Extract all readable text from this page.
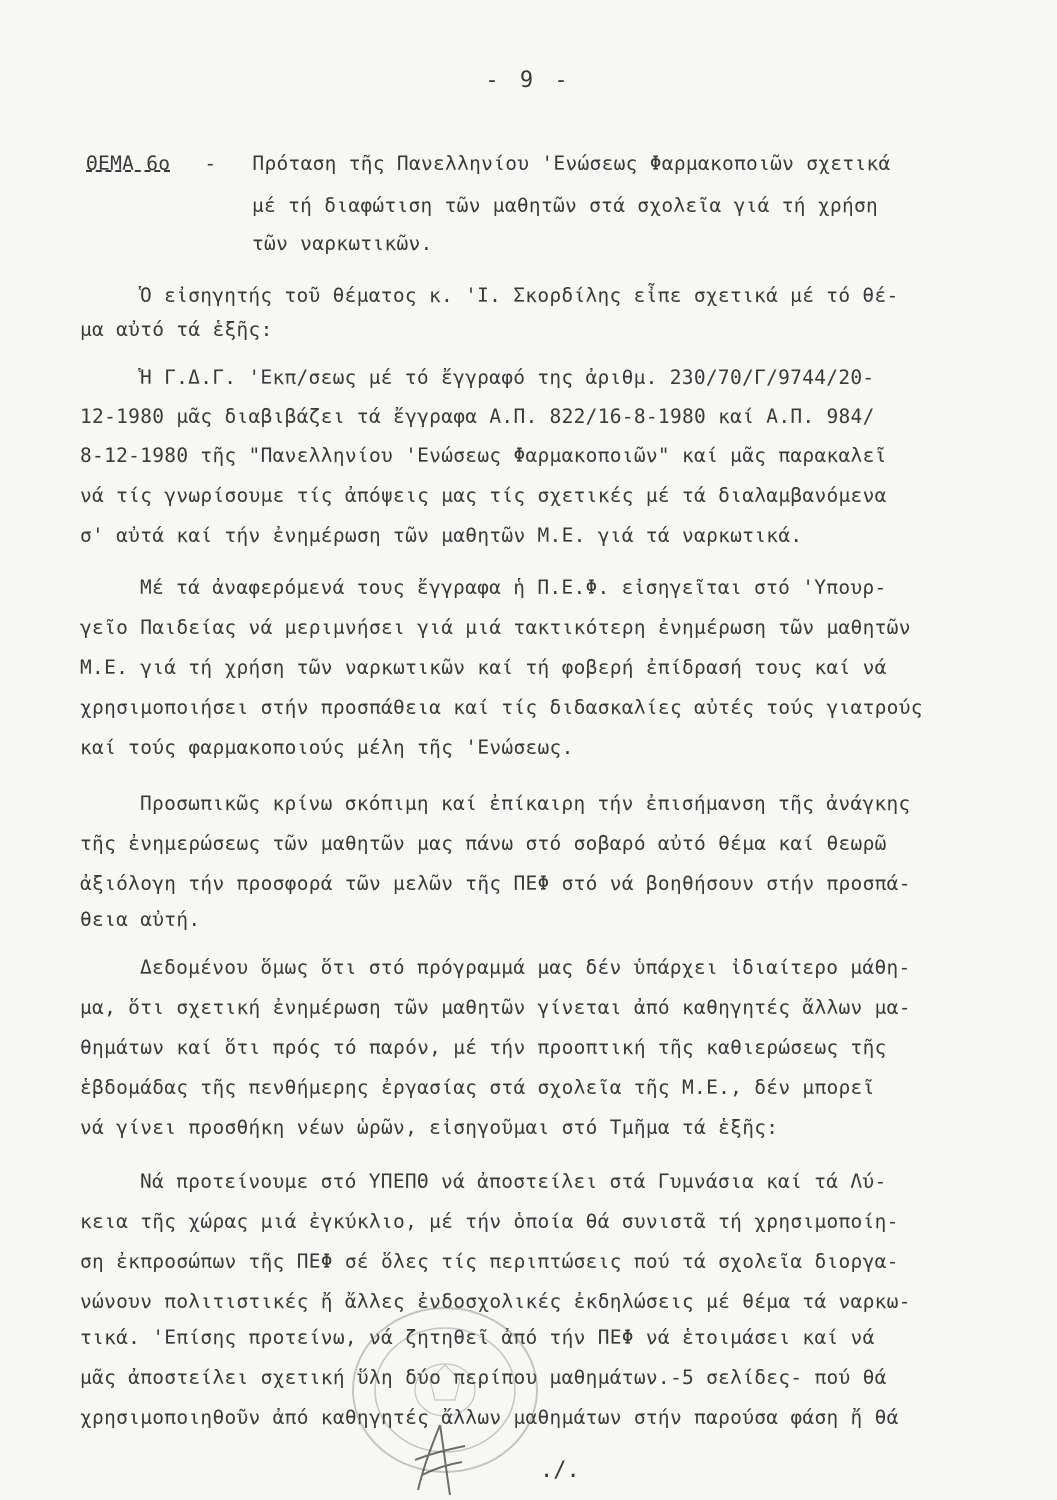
- 9 -
ΘΕΜΑ 6ο - Πρόταση τῆς Πανελληνίου 'Ενώσεως Φαρμακοποιῶν σχετικά
μέ τή διαφώτιση τῶν μαθητῶν στά σχολεῖα γιά τή χρήση
τῶν ναρκωτικῶν.
Ὁ εἰσηγητής τοῦ θέματος κ. 'Ι. Σκορδίλης εἶπε σχετικά μέ τό θέ-
μα αὐτό τά ἑξῆς:
Ἡ Γ.Δ.Γ. 'Εκπ/σεως μέ τό ἔγγραφό της ἀριθμ. 230/70/Γ/9744/20-
12-1980 μᾶς διαβιβάζει τά ἔγγραφα Α.Π. 822/16-8-1980 καί Α.Π. 984/
8-12-1980 τῆς "Πανελληνίου 'Ενώσεως Φαρμακοποιῶν" καί μᾶς παρακαλεῖ
νά τίς γνωρίσουμε τίς ἀπόψεις μας τίς σχετικές μέ τά διαλαμβανόμενα
σ' αὐτά καί τήν ἐνημέρωση τῶν μαθητῶν Μ.Ε. γιά τά ναρκωτικά.
Μέ τά ἀναφερόμενά τους ἔγγραφα ἡ Π.Ε.Φ. εἰσηγεῖται στό 'Υπουρ-
γεῖο Παιδείας νά μεριμνήσει γιά μιά τακτικότερη ἐνημέρωση τῶν μαθητῶν
Μ.Ε. γιά τή χρήση τῶν ναρκωτικῶν καί τή φοβερή ἐπίδρασή τους καί νά
χρησιμοποιήσει στήν προσπάθεια καί τίς διδασκαλίες αὐτές τούς γιατρούς
καί τούς φαρμακοποιούς μέλη τῆς 'Ενώσεως.
Προσωπικῶς κρίνω σκόπιμη καί ἐπίκαιρη τήν ἐπισήμανση τῆς ἀνάγκης
τῆς ἐνημερώσεως τῶν μαθητῶν μας πάνω στό σοβαρό αὐτό θέμα καί θεωρῶ
ἀξιόλογη τήν προσφορά τῶν μελῶν τῆς ΠΕΦ στό νά βοηθήσουν στήν προσπά-
θεια αὐτή.
Δεδομένου ὅμως ὅτι στό πρόγραμμά μας δέν ὑπάρχει ἰδιαίτερο μάθη-
μα, ὅτι σχετική ἐνημέρωση τῶν μαθητῶν γίνεται ἀπό καθηγητές ἄλλων μα-
θημάτων καί ὅτι πρός τό παρόν, μέ τήν προοπτική τῆς καθιερώσεως τῆς
ἑβδομάδας τῆς πενθήμερης ἐργασίας στά σχολεῖα τῆς Μ.Ε., δέν μπορεῖ
νά γίνει προσθήκη νέων ὡρῶν, εἰσηγοῦμαι στό Τμῆμα τά ἑξῆς:
Νά προτείνουμε στό ΥΠΕΠΘ νά ἀποστείλει στά Γυμνάσια καί τά Λύ-
κεια τῆς χώρας μιά ἐγκύκλιο, μέ τήν ὁποία θά συνιστᾶ τή χρησιμοποίη-
ση ἐκπροσώπων τῆς ΠΕΦ σέ ὅλες τίς περιπτώσεις πού τά σχολεῖα διοργα-
νώνουν πολιτιστικές ἤ ἄλλες ἐνδοσχολικές ἐκδηλώσεις μέ θέμα τά ναρκω-
τικά. 'Επίσης προτείνω, νά ζητηθεῖ ἀπό τήν ΠΕΦ νά ἑτοιμάσει καί νά
μᾶς ἀποστείλει σχετική ὕλη δύο περίπου μαθημάτων.-5 σελίδες- πού θά
χρησιμοποιηθοῦν ἀπό καθηγητές ἄλλων μαθημάτων στήν παρούσα φάση ἤ θά
./.
